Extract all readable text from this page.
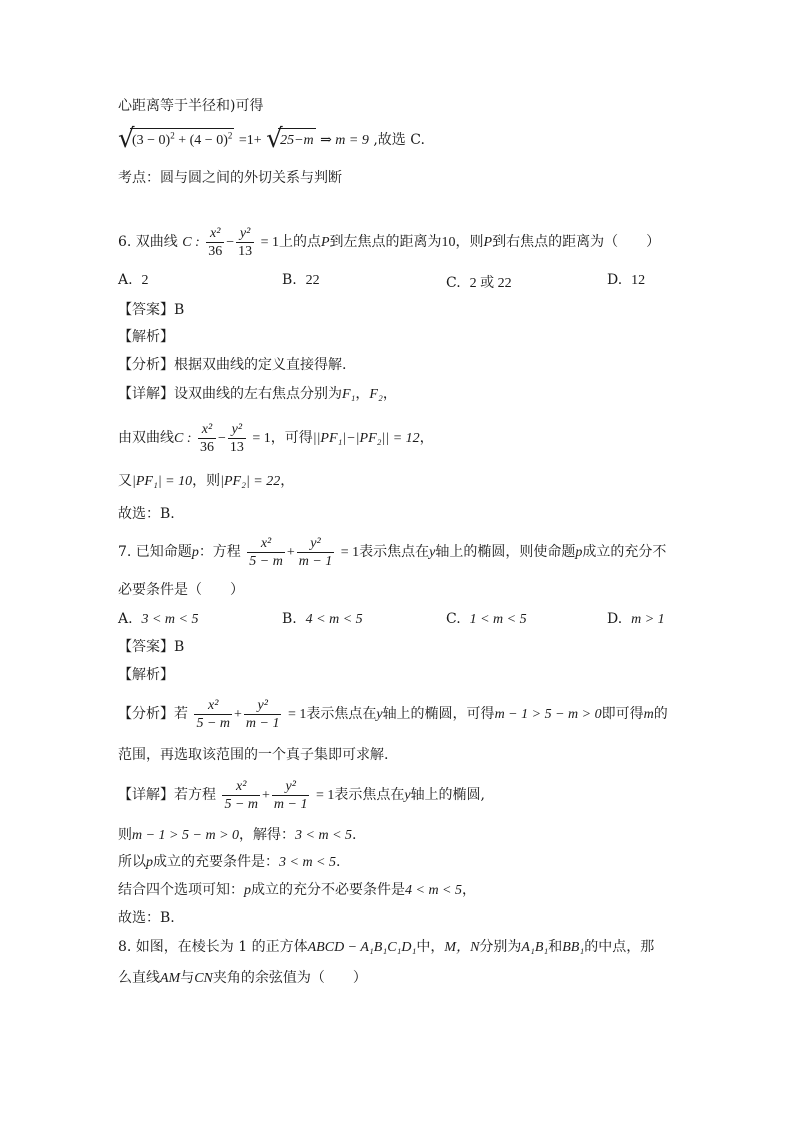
心距离等于半径和)可得
√
$(3 - 0)^2 + (4 - 0)^2 =1+$ √
25−m ⇒ m = 9 ,故选 C.
考点：圆与圆之间的外切关系与判断
6. 双曲线 C : $\frac{\text{x²}}{36} - \frac{\text{y²}}{13} = 1$上的点P到左焦点的距离为10，则P到右焦点的距离为（　　）
A. 2	B. 22	C. 2 或 22	D. 12
【答案】B
【解析】
【分析】根据双曲线的定义直接得解.
【详解】设双曲线的左右焦点分别为F₁，F₂，
由双曲线C : $\frac{\text{x²}}{36} - \frac{\text{y²}}{13} = 1$，可得||PF₁|−|PF₂|| = 12，
又|PF₁| = 10，则|PF₂| = 22，
故选：B.
7. 已知命题p：方程 $\frac{\text{x²}}{5 - m} + \frac{\text{y²}}{m - 1} = 1$表示焦点在y轴上的椭圆，则使命题p成立的充分不
必要条件是（　　）
A. 3 < m < 5	B. 4 < m < 5	C. 1 < m < 5	D. m > 1
【答案】B
【解析】
【分析】若 $\frac{\text{x²}}{5 - m} + \frac{\text{y²}}{m - 1} = 1$表示焦点在y轴上的椭圆，可得m − 1 > 5 − m > 0即可得m的
范围，再选取该范围的一个真子集即可求解.
【详解】若方程 $\frac{\text{x²}}{5 - m} + \frac{\text{y²}}{m - 1} = 1$表示焦点在y轴上的椭圆,
则m − 1 > 5 − m > 0，解得：3 < m < 5.
所以p成立的充要条件是：3 < m < 5.
结合四个选项可知：p成立的充分不必要条件是4 < m < 5，
故选：B.
8. 如图，在棱长为 1 的正方体ABCD − A₁B₁C₁D₁中，M，N分别为A₁B₁和BB₁的中点，那
么直线AM与CN夹角的余弦值为（　　）
